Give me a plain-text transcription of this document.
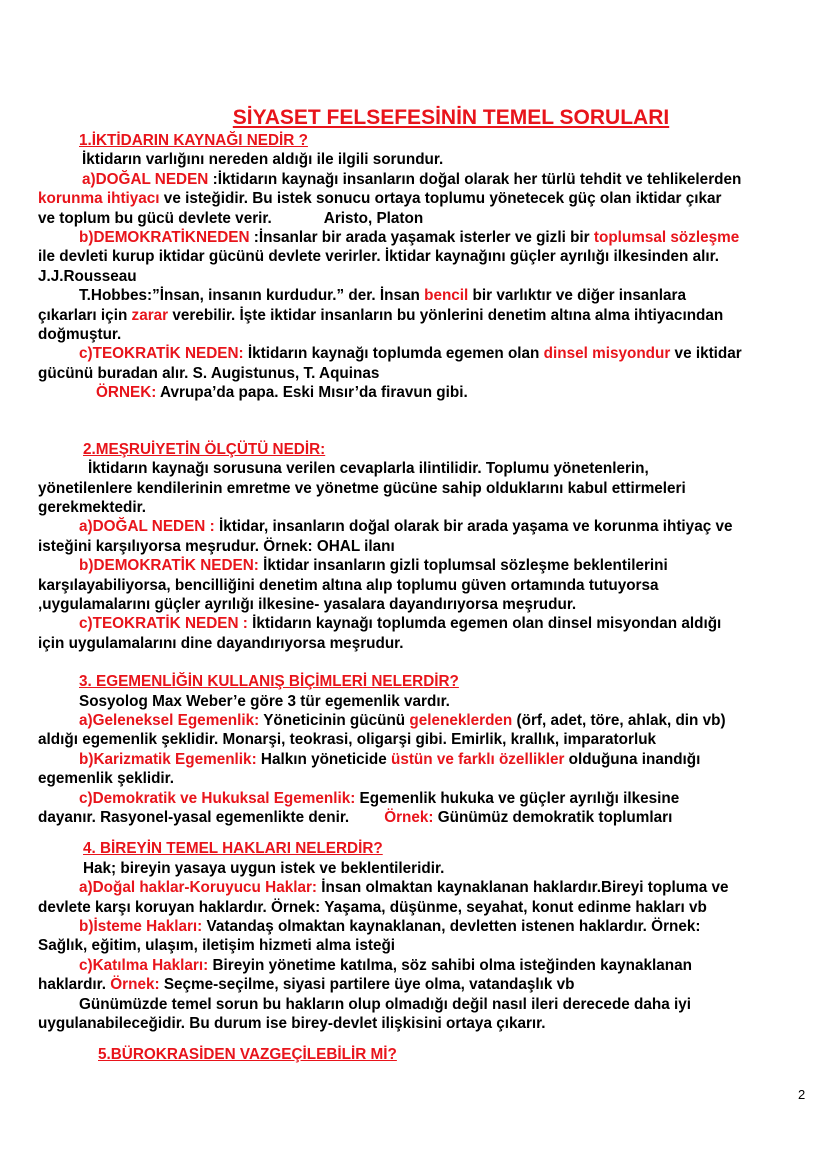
SİYASET FELSEFESİNİN TEMEL SORULARI

1.İKTİDARIN KAYNAĞI NEDİR ?

İktidarın varlığını nereden aldığı ile ilgili sorundur.

a)DOĞAL NEDEN :İktidarın kaynağı insanların doğal olarak her türlü tehdit ve tehlikelerden

korunma ihtiyacı ve isteğidir. Bu istek sonucu ortaya toplumu yönetecek güç olan iktidar çıkar

ve toplum bu gücü devlete verir.	Aristo, Platon

b)DEMOKRATİKNEDEN :İnsanlar bir arada yaşamak isterler ve gizli bir toplumsal sözleşme

ile devleti kurup iktidar gücünü devlete verirler. İktidar kaynağını güçler ayrılığı ilkesinden alır.

J.J.Rousseau

T.Hobbes:”İnsan, insanın kurdudur.” der. İnsan bencil bir varlıktır ve diğer insanlara

çıkarları için zarar verebilir. İşte iktidar insanların bu yönlerini denetim altına alma ihtiyacından

doğmuştur.

c)TEOKRATİK NEDEN: İktidarın kaynağı toplumda egemen olan dinsel misyondur ve iktidar

gücünü buradan alır. S. Augistunus, T. Aquinas

ÖRNEK: Avrupa’da papa. Eski Mısır’da firavun gibi.

2.MEŞRUİYETİN ÖLÇÜTÜ NEDİR:

İktidarın kaynağı sorusuna verilen cevaplarla ilintilidir. Toplumu yönetenlerin,

yönetilenlere kendilerinin emretme ve yönetme gücüne sahip olduklarını kabul ettirmeleri

gerekmektedir.

a)DOĞAL NEDEN : İktidar, insanların doğal olarak bir arada yaşama ve korunma ihtiyaç ve

isteğini karşılıyorsa meşrudur. Örnek: OHAL ilanı

b)DEMOKRATİK NEDEN: İktidar insanların gizli toplumsal sözleşme beklentilerini

karşılayabiliyorsa, bencilliğini denetim altına alıp toplumu güven ortamında tutuyorsa

,uygulamalarını güçler ayrılığı ilkesine- yasalara dayandırıyorsa meşrudur.

c)TEOKRATİK NEDEN : İktidarın kaynağı toplumda egemen olan dinsel misyondan aldığı

için uygulamalarını dine dayandırıyorsa meşrudur.

3. EGEMENLİĞİN KULLANIŞ BİÇİMLERİ NELERDİR?

Sosyolog Max Weber’e göre 3 tür egemenlik vardır.

a)Geleneksel Egemenlik: Yöneticinin gücünü geleneklerden (örf, adet, töre, ahlak, din vb)

aldığı egemenlik şeklidir. Monarşi, teokrasi, oligarşi gibi. Emirlik, krallık, imparatorluk

b)Karizmatik Egemenlik: Halkın yöneticide üstün ve farklı özellikler olduğuna inandığı

egemenlik şeklidir.

c)Demokratik ve Hukuksal Egemenlik: Egemenlik hukuka ve güçler ayrılığı ilkesine

dayanır. Rasyonel-yasal egemenlikte denir. Örnek: Günümüz demokratik toplumları

4. BİREYİN TEMEL HAKLARI NELERDİR?

Hak; bireyin yasaya uygun istek ve beklentileridir.

a)Doğal haklar-Koruyucu Haklar: İnsan olmaktan kaynaklanan haklardır.Bireyi topluma ve

devlete karşı koruyan haklardır. Örnek: Yaşama, düşünme, seyahat, konut edinme hakları vb

b)İsteme Hakları: Vatandaş olmaktan kaynaklanan, devletten istenen haklardır. Örnek:

Sağlık, eğitim, ulaşım, iletişim hizmeti alma isteği

c)Katılma Hakları: Bireyin yönetime katılma, söz sahibi olma isteğinden kaynaklanan

haklardır. Örnek: Seçme-seçilme, siyasi partilere üye olma, vatandaşlık vb

Günümüzde temel sorun bu hakların olup olmadığı değil nasıl ileri derecede daha iyi

uygulanabileceğidir. Bu durum ise birey-devlet ilişkisini ortaya çıkarır.

5.BÜROKRASİDEN VAZGEÇİLEBİLİR Mİ?

2
